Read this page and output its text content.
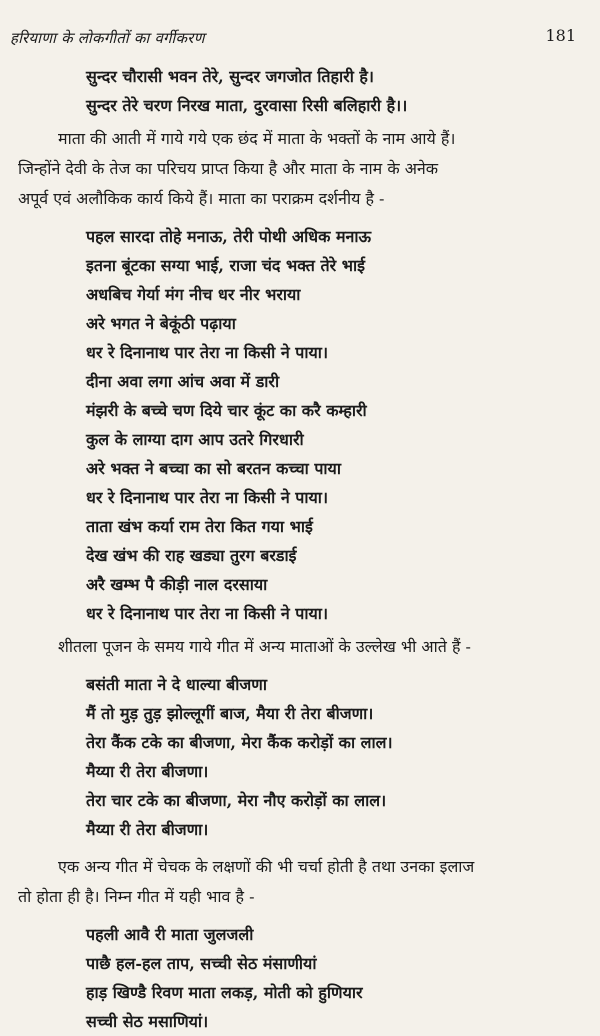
हरियाणा के लोकगीतों का वर्गीकरण	181
सुन्दर चौरासी भवन तेरे, सुन्दर जगजोत तिहारी है।
सुन्दर तेरे चरण निरख माता, दुरवासा रिसी बलिहारी है।।

माता की आती में गाये गये एक छंद में माता के भक्तों के नाम आये हैं।
जिन्होंने देवी के तेज का परिचय प्राप्त किया है और माता के नाम के अनेक
अपूर्व एवं अलौकिक कार्य किये हैं। माता का पराक्रम दर्शनीय है -

पहल सारदा तोहे मनाऊ, तेरी पोथी अधिक मनाऊ
इतना बूंटका सग्या भाई, राजा चंद भक्त तेरे भाई
अधबिच गेर्या मंग नीच धर नीर भराया
अरे भगत ने बेकूंठी पढ़ाया
धर रे दिनानाथ पार तेरा ना किसी ने पाया।
दीना अवा लगा आंच अवा में डारी
मंझरी के बच्चे चण दिये चार कूंट का करै कम्हारी
कुल के लाग्या दाग आप उतरे गिरधारी
अरे भक्त ने बच्चा का सो बरतन कच्चा पाया
धर रे दिनानाथ पार तेरा ना किसी ने पाया।
ताता खंभ कर्या राम तेरा कित गया भाई
देख खंभ की राह खड्या तुरग बरडाई
अरै खम्भ पै कीड़ी नाल दरसाया
धर रे दिनानाथ पार तेरा ना किसी ने पाया।

शीतला पूजन के समय गाये गीत में अन्य माताओं के उल्लेख भी आते हैं -

बसंती माता ने दे धाल्या बीजणा
मैं तो मुड़ तुड़ झोल्लूगीं बाज, मैया री तेरा बीजणा।
तेरा कैंक टके का बीजणा, मेरा कैंक करोड़ों का लाल।
मैय्या री तेरा बीजणा।
तेरा चार टके का बीजणा, मेरा नौए करोड़ों का लाल।
मैय्या री तेरा बीजणा।

एक अन्य गीत में चेचक के लक्षणों की भी चर्चा होती है तथा उनका इलाज
तो होता ही है। निम्न गीत में यही भाव है -

पहली आवै री माता जुलजली
पाछै हल-हल ताप, सच्ची सेठ मंसाणीयां
हाड़ खिण्डै रिवण माता लकड़, मोती को हुणियार
सच्ची सेठ मसाणियां।
